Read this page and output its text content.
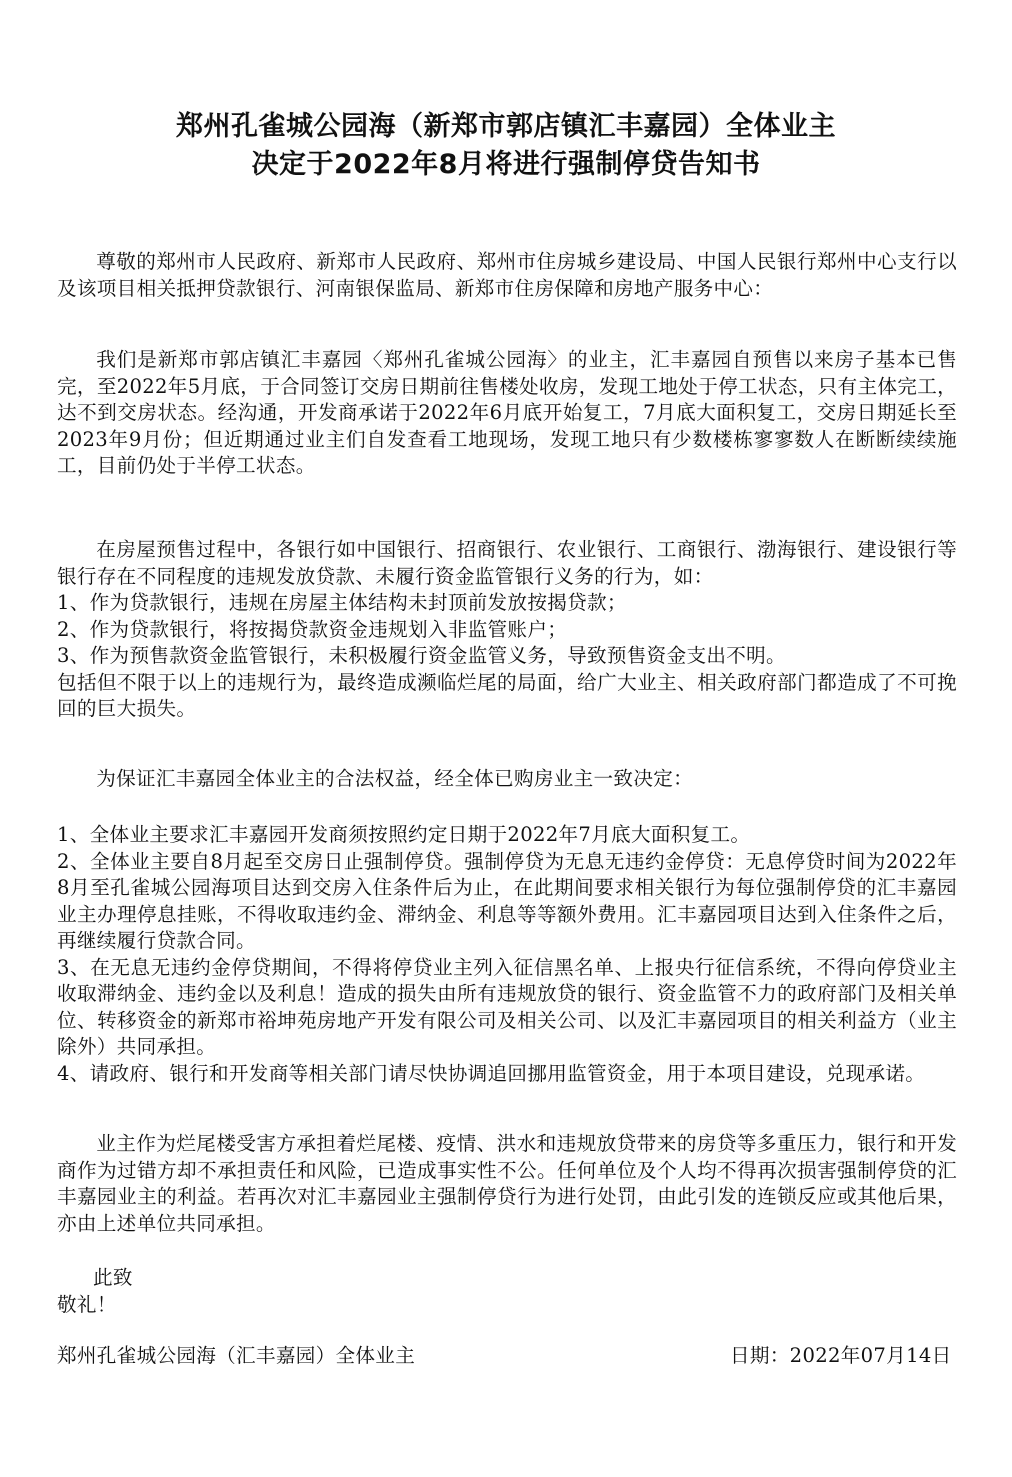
郑州孔雀城公园海（新郑市郭店镇汇丰嘉园）全体业主
决定于2022年8月将进行强制停贷告知书

尊敬的郑州市人民政府、新郑市人民政府、郑州市住房城乡建设局、中国人民银行郑州中心支行以及该项目相关抵押贷款银行、河南银保监局、新郑市住房保障和房地产服务中心：

我们是新郑市郭店镇汇丰嘉园〈郑州孔雀城公园海〉的业主，汇丰嘉园自预售以来房子基本已售完，至2022年5月底，于合同签订交房日期前往售楼处收房，发现工地处于停工状态，只有主体完工，达不到交房状态。经沟通，开发商承诺于2022年6月底开始复工，7月底大面积复工，交房日期延长至2023年9月份；但近期通过业主们自发查看工地现场，发现工地只有少数楼栋寥寥数人在断断续续施工，目前仍处于半停工状态。

在房屋预售过程中，各银行如中国银行、招商银行、农业银行、工商银行、渤海银行、建设银行等银行存在不同程度的违规发放贷款、未履行资金监管银行义务的行为，如：

1、作为贷款银行，违规在房屋主体结构未封顶前发放按揭贷款；

2、作为贷款银行，将按揭贷款资金违规划入非监管账户；

3、作为预售款资金监管银行，未积极履行资金监管义务，导致预售资金支出不明。

包括但不限于以上的违规行为，最终造成濒临烂尾的局面，给广大业主、相关政府部门都造成了不可挽回的巨大损失。

为保证汇丰嘉园全体业主的合法权益，经全体已购房业主一致决定：

1、全体业主要求汇丰嘉园开发商须按照约定日期于2022年7月底大面积复工。

2、全体业主要自8月起至交房日止强制停贷。强制停贷为无息无违约金停贷：无息停贷时间为2022年8月至孔雀城公园海项目达到交房入住条件后为止，在此期间要求相关银行为每位强制停贷的汇丰嘉园业主办理停息挂账，不得收取违约金、滞纳金、利息等等额外费用。汇丰嘉园项目达到入住条件之后，再继续履行贷款合同。

3、在无息无违约金停贷期间，不得将停贷业主列入征信黑名单、上报央行征信系统，不得向停贷业主收取滞纳金、违约金以及利息！造成的损失由所有违规放贷的银行、资金监管不力的政府部门及相关单位、转移资金的新郑市裕坤苑房地产开发有限公司及相关公司、以及汇丰嘉园项目的相关利益方（业主除外）共同承担。

4、请政府、银行和开发商等相关部门请尽快协调追回挪用监管资金，用于本项目建设，兑现承诺。

业主作为烂尾楼受害方承担着烂尾楼、疫情、洪水和违规放贷带来的房贷等多重压力，银行和开发商作为过错方却不承担责任和风险，已造成事实性不公。任何单位及个人均不得再次损害强制停贷的汇丰嘉园业主的利益。若再次对汇丰嘉园业主强制停贷行为进行处罚，由此引发的连锁反应或其他后果，亦由上述单位共同承担。

此致
敬礼！
郑州孔雀城公园海（汇丰嘉园）全体业主	日期：2022年07月14日
